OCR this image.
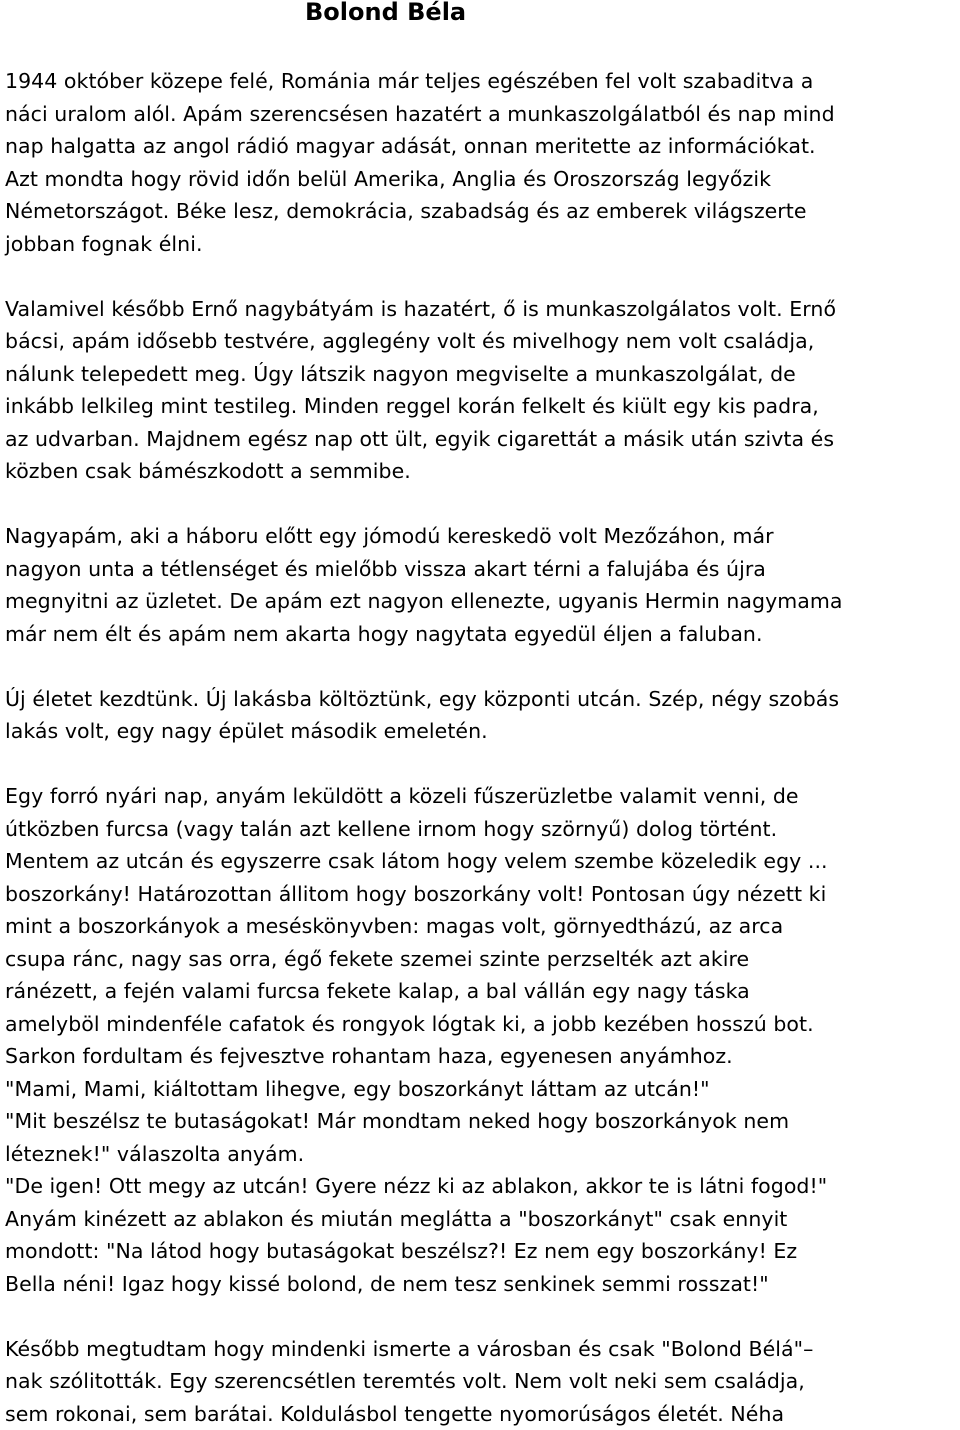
Bolond Béla
1944 október közepe felé, Románia már teljes egészében fel volt szabaditva a
náci uralom alól. Apám szerencsésen hazatért a munkaszolgálatból és nap mind
nap halgatta az angol rádió magyar adását, onnan meritette az információkat.
Azt mondta hogy rövid időn belül Amerika, Anglia és Oroszország legyőzik
Németországot. Béke lesz, demokrácia, szabadság és az emberek világszerte
jobban fognak élni.
Valamivel később Ernő nagybátyám is hazatért, ő is munkaszolgálatos volt. Ernő
bácsi, apám idősebb testvére, agglegény volt és mivelhogy nem volt családja,
nálunk telepedett meg. Úgy látszik nagyon megviselte a munkaszolgálat, de
inkább lelkileg mint testileg. Minden reggel korán felkelt és kiült egy kis padra,
az udvarban. Majdnem egész nap ott ült, egyik cigarettát a másik után szivta és
közben csak bámészkodott a semmibe.
Nagyapám, aki a háboru előtt egy jómodú kereskedö volt Mezőzáhon, már
nagyon unta a tétlenséget és mielőbb vissza akart térni a falujába és újra
megnyitni az üzletet. De apám ezt nagyon ellenezte, ugyanis Hermin nagymama
már nem élt és apám nem akarta hogy nagytata egyedül éljen a faluban.
Új életet kezdtünk. Új lakásba költöztünk, egy központi utcán. Szép, négy szobás
lakás volt, egy nagy épület második emeletén.
Egy forró nyári nap, anyám leküldött a közeli fűszerüzletbe valamit venni, de
útközben furcsa (vagy talán azt kellene irnom hogy szörnyű) dolog történt.
Mentem az utcán és egyszerre csak látom hogy velem szembe közeledik egy ...
boszorkány! Határozottan állitom hogy boszorkány volt! Pontosan úgy nézett ki
mint a boszorkányok a meséskönyvben: magas volt, görnyedtházú, az arca
csupa ránc, nagy sas orra, égő fekete szemei szinte perzselték azt akire
ránézett, a fején valami furcsa fekete kalap, a bal vállán egy nagy táska
amelyböl mindenféle cafatok és rongyok lógtak ki, a jobb kezében hosszú bot.
Sarkon fordultam és fejvesztve rohantam haza, egyenesen anyámhoz.
"Mami, Mami, kiáltottam lihegve, egy boszorkányt láttam az utcán!"
"Mit beszélsz te butaságokat! Már mondtam neked hogy boszorkányok nem
léteznek!" válaszolta anyám.
"De igen! Ott megy az utcán! Gyere nézz ki az ablakon, akkor te is látni fogod!"
Anyám kinézett az ablakon és miután meglátta a "boszorkányt" csak ennyit
mondott: "Na látod hogy butaságokat beszélsz?! Ez nem egy boszorkány! Ez
Bella néni! Igaz hogy kissé bolond, de nem tesz senkinek semmi rosszat!"
Később megtudtam hogy mindenki ismerte a városban és csak "Bolond Bélá"–
nak szólitották. Egy szerencsétlen teremtés volt. Nem volt neki sem családja,
sem rokonai, sem barátai. Koldulásbol tengette nyomorúságos életét. Néha
